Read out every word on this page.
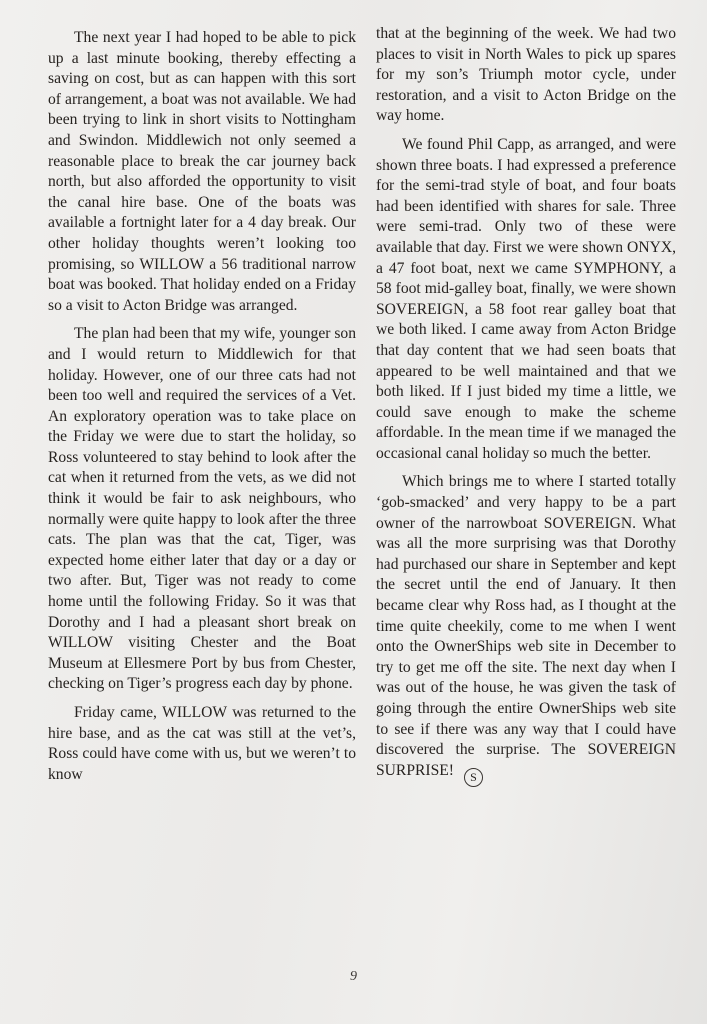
The next year I had hoped to be able to pick up a last minute booking, thereby effecting a saving on cost, but as can happen with this sort of arrangement, a boat was not available. We had been trying to link in short visits to Nottingham and Swindon. Middlewich not only seemed a reasonable place to break the car journey back north, but also afforded the opportunity to visit the canal hire base. One of the boats was available a fortnight later for a 4 day break. Our other holiday thoughts weren’t looking too promising, so WILLOW a 56 traditional narrow boat was booked. That holiday ended on a Friday so a visit to Acton Bridge was arranged.

The plan had been that my wife, younger son and I would return to Middlewich for that holiday. However, one of our three cats had not been too well and required the services of a Vet. An exploratory operation was to take place on the Friday we were due to start the holiday, so Ross volunteered to stay behind to look after the cat when it returned from the vets, as we did not think it would be fair to ask neighbours, who normally were quite happy to look after the three cats. The plan was that the cat, Tiger, was expected home either later that day or a day or two after. But, Tiger was not ready to come home until the following Friday. So it was that Dorothy and I had a pleasant short break on WILLOW visiting Chester and the Boat Museum at Ellesmere Port by bus from Chester, checking on Tiger’s progress each day by phone.

Friday came, WILLOW was returned to the hire base, and as the cat was still at the vet’s, Ross could have come with us, but we weren’t to know

that at the beginning of the week. We had two places to visit in North Wales to pick up spares for my son’s Triumph motor cycle, under restoration, and a visit to Acton Bridge on the way home.

We found Phil Capp, as arranged, and were shown three boats. I had expressed a preference for the semi-trad style of boat, and four boats had been identified with shares for sale. Three were semi-trad. Only two of these were available that day. First we were shown ONYX, a 47 foot boat, next we came SYMPHONY, a 58 foot mid-galley boat, finally, we were shown SOVEREIGN, a 58 foot rear galley boat that we both liked. I came away from Acton Bridge that day content that we had seen boats that appeared to be well maintained and that we both liked. If I just bided my time a little, we could save enough to make the scheme affordable. In the mean time if we managed the occasional canal holiday so much the better.

Which brings me to where I started totally ‘gob-smacked’ and very happy to be a part owner of the narrowboat SOVEREIGN. What was all the more surprising was that Dorothy had purchased our share in September and kept the secret until the end of January. It then became clear why Ross had, as I thought at the time quite cheekily, come to me when I went onto the OwnerShips web site in December to try to get me off the site. The next day when I was out of the house, he was given the task of going through the entire OwnerShips web site to see if there was any way that I could have discovered the surprise. The SOVEREIGN SURPRISE! S

9
